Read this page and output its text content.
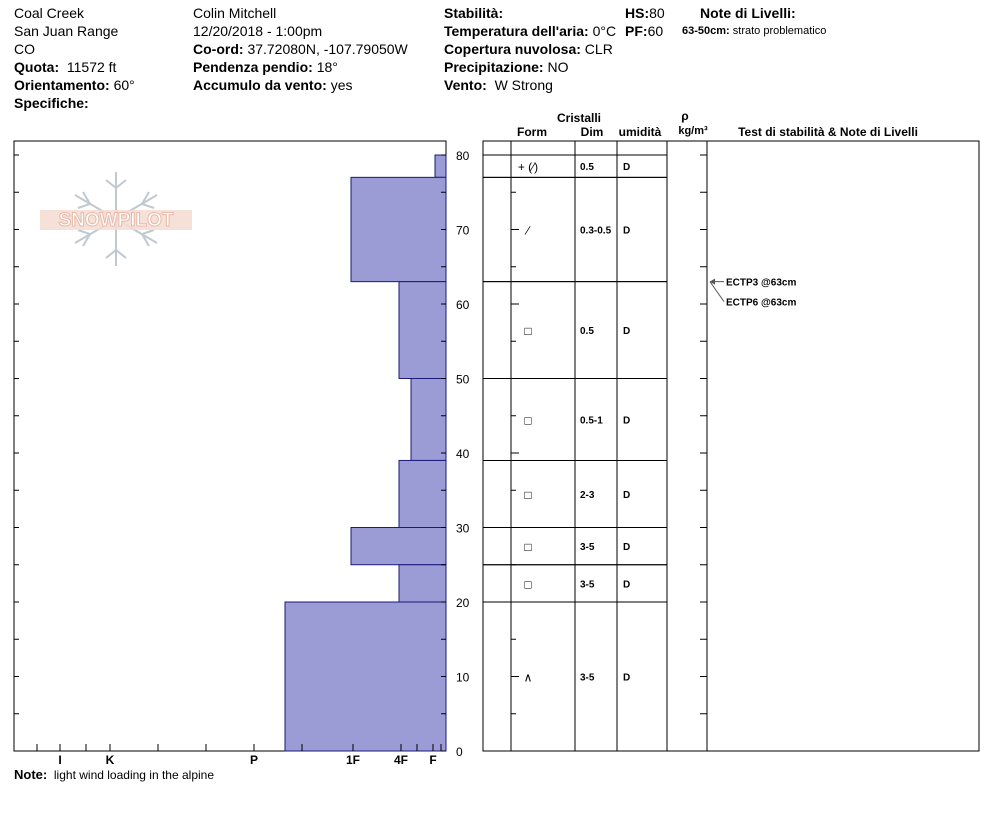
Coal Creek
San Juan Range
CO
Quota: 11572 ft
Orientamento: 60°
Specifiche:
Colin Mitchell
12/20/2018 - 1:00pm
Co-ord: 37.72080N, -107.79050W
Pendenza pendio: 18°
Accumulo da vento: yes
Stabilità:
Temperatura dell'aria: 0°C
Copertura nuvolosa: CLR
Precipitazione: NO
Vento: W Strong
HS:80
PF:60
Note di Livelli:
63-50cm: strato problematico
SNOWPILOT
0
10
20
30
40
50
60
70
80
I	K	P	1F	4F F
Cristalli
Form	Dim umidità
ρ
kg/m³	Test di stabilità & Note di Livelli
+ (∕)	0.5	D
∕	0.3-0.5 D
□	0.5	D
□	0.5-1 D
□	2-3	D
□	3-5	D
□	3-5	D
∧	3-5	D
ECTP3 @63cm
ECTP6 @63cm
Note: light wind loading in the alpine
